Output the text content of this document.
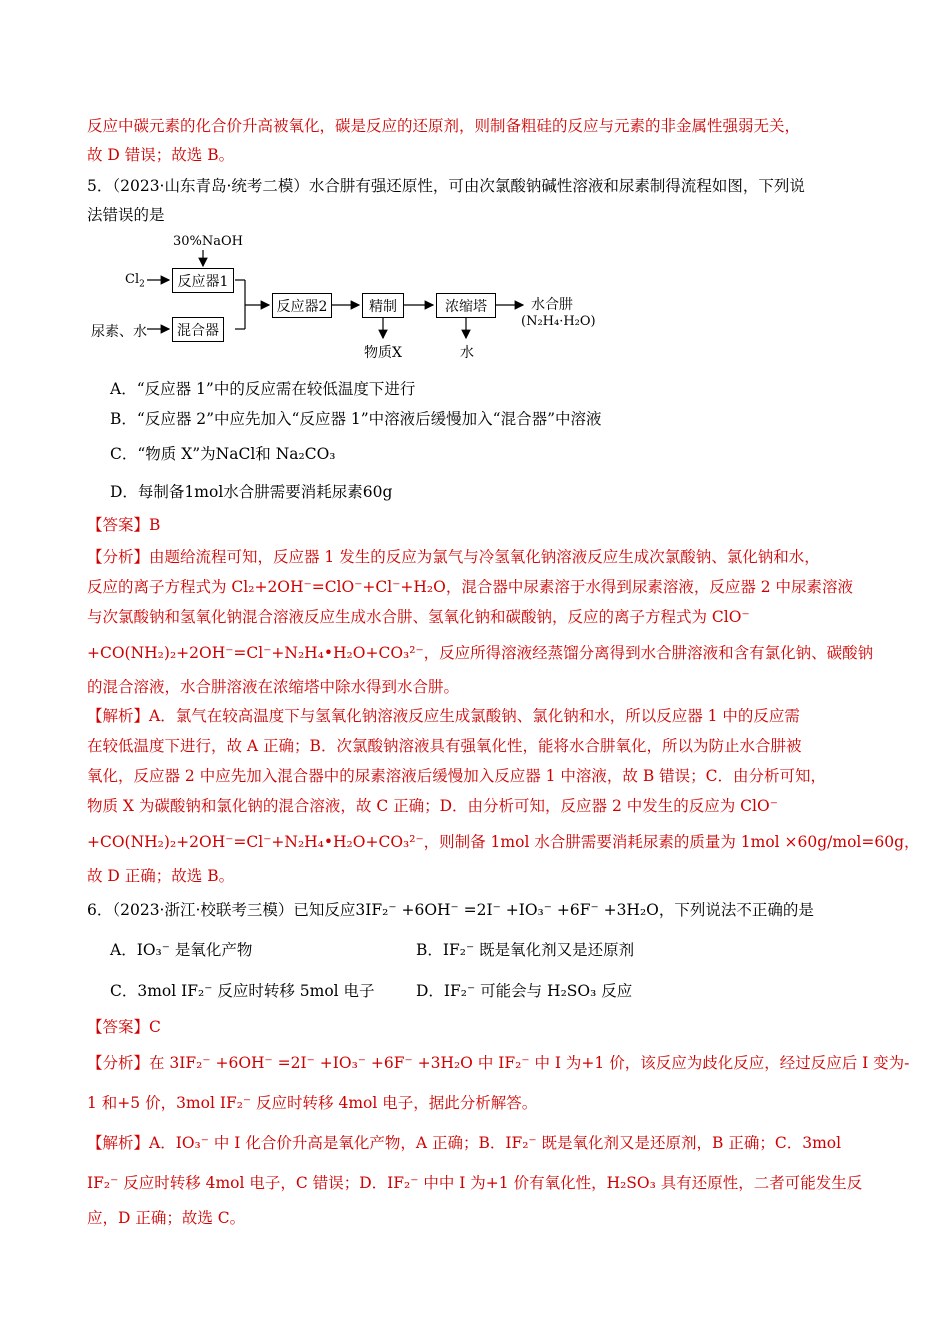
反应中碳元素的化合价升高被氧化，碳是反应的还原剂，则制备粗硅的反应与元素的非金属性强弱无关，
故 D 错误；故选 B。
5．（2023·山东青岛·统考二模）水合肼有强还原性，可由次氯酸钠碱性溶液和尿素制得流程如图，下列说
法错误的是
30%NaOH
$Cl_2$
尿素、水
反应器1
混合器
反应器2	精制	浓缩塔	水合肼
(N₂H₄·H₂O)
物质X	水
A．“反应器 1”中的反应需在较低温度下进行
B．“反应器 2”中应先加入“反应器 1”中溶液后缓慢加入“混合器”中溶液
C．“物质 X”为NaCl和 Na₂CO₃
D．每制备1mol水合肼需要消耗尿素60g
【答案】B
【分析】由题给流程可知，反应器 1 发生的反应为氯气与冷氢氧化钠溶液反应生成次氯酸钠、氯化钠和水，
反应的离子方程式为 Cl₂+2OH⁻=ClO⁻+Cl⁻+H₂O，混合器中尿素溶于水得到尿素溶液，反应器 2 中尿素溶液
与次氯酸钠和氢氧化钠混合溶液反应生成水合肼、氢氧化钠和碳酸钠，反应的离子方程式为 ClO⁻
+CO(NH₂)₂+2OH⁻=Cl⁻+N₂H₄•H₂O+CO₃²⁻，反应所得溶液经蒸馏分离得到水合肼溶液和含有氯化钠、碳酸钠
的混合溶液，水合肼溶液在浓缩塔中除水得到水合肼。
【解析】A．氯气在较高温度下与氢氧化钠溶液反应生成氯酸钠、氯化钠和水，所以反应器 1 中的反应需
在较低温度下进行，故 A 正确；B．次氯酸钠溶液具有强氧化性，能将水合肼氧化，所以为防止水合肼被
氧化，反应器 2 中应先加入混合器中的尿素溶液后缓慢加入反应器 1 中溶液，故 B 错误；C．由分析可知，
物质 X 为碳酸钠和氯化钠的混合溶液，故 C 正确；D．由分析可知，反应器 2 中发生的反应为 ClO⁻
+CO(NH₂)₂+2OH⁻=Cl⁻+N₂H₄•H₂O+CO₃²⁻，则制备 1mol 水合肼需要消耗尿素的质量为 1mol ×60g/mol=60g，
故 D 正确；故选 B。
6．（2023·浙江·校联考三模）已知反应3IF₂⁻ +6OH⁻ =2I⁻ +IO₃⁻ +6F⁻ +3H₂O，下列说法不正确的是
A．IO₃⁻ 是氧化产物	B．IF₂⁻ 既是氧化剂又是还原剂
C．3mol IF₂⁻ 反应时转移 5mol 电子	D．IF₂⁻ 可能会与 H₂SO₃ 反应
【答案】C
【分析】在 3IF₂⁻ +6OH⁻ =2I⁻ +IO₃⁻ +6F⁻ +3H₂O 中 IF₂⁻ 中 I 为+1 价，该反应为歧化反应，经过反应后 I 变为-
1 和+5 价，3mol IF₂⁻ 反应时转移 4mol 电子，据此分析解答。
【解析】A．IO₃⁻ 中 I 化合价升高是氧化产物，A 正确；B．IF₂⁻ 既是氧化剂又是还原剂，B 正确；C．3mol
IF₂⁻ 反应时转移 4mol 电子，C 错误；D．IF₂⁻ 中中 I 为+1 价有氧化性，H₂SO₃ 具有还原性，二者可能发生反
应，D 正确；故选 C。
